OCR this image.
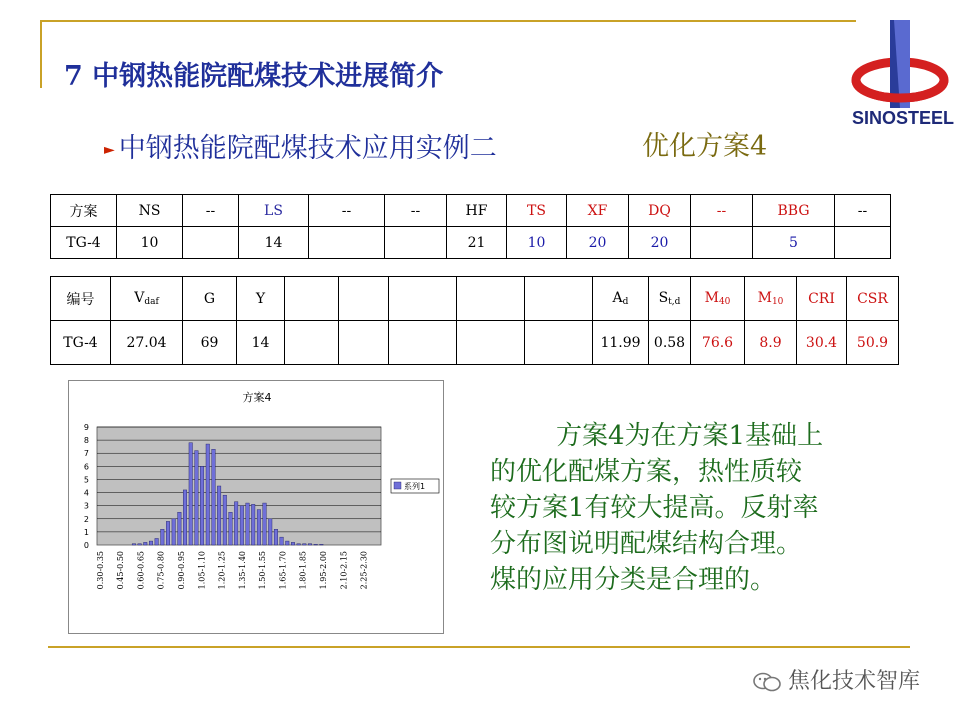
7 中钢热能院配煤技术进展简介
► 中钢热能院配煤技术应用实例二	优化方案4
SINOSTEEL
方案	NS	--	LS	--	--	HF	TS	XF	DQ	--	BBG	--
TG-4	10		14			21	10	20	20		5	
编号	$V_{daf}$	G	Y						$A_d$	$S_{t,d}$	$M_{40}$	$M_{10}$	CRI	CSR
TG-4	27.04	69	14						11.99	0.58	76.6	8.9	30.4	50.9
方案4
0
1
2
3
4
5
6
7
8
9
0.30-0.35 0.45-0.50 0.60-0.65 0.75-0.80 0.90-0.95 1.05-1.10 1.20-1.25 1.35-1.40 1.50-1.55 1.65-1.70 1.80-1.85 1.95-2.00 2.10-2.15 2.25-2.30
系列1

方案4为在方案1基础上

的优化配煤方案，热性质较

较方案1有较大提高。反射率

分布图说明配煤结构合理。

煤的应用分类是合理的。

焦化技术智库
